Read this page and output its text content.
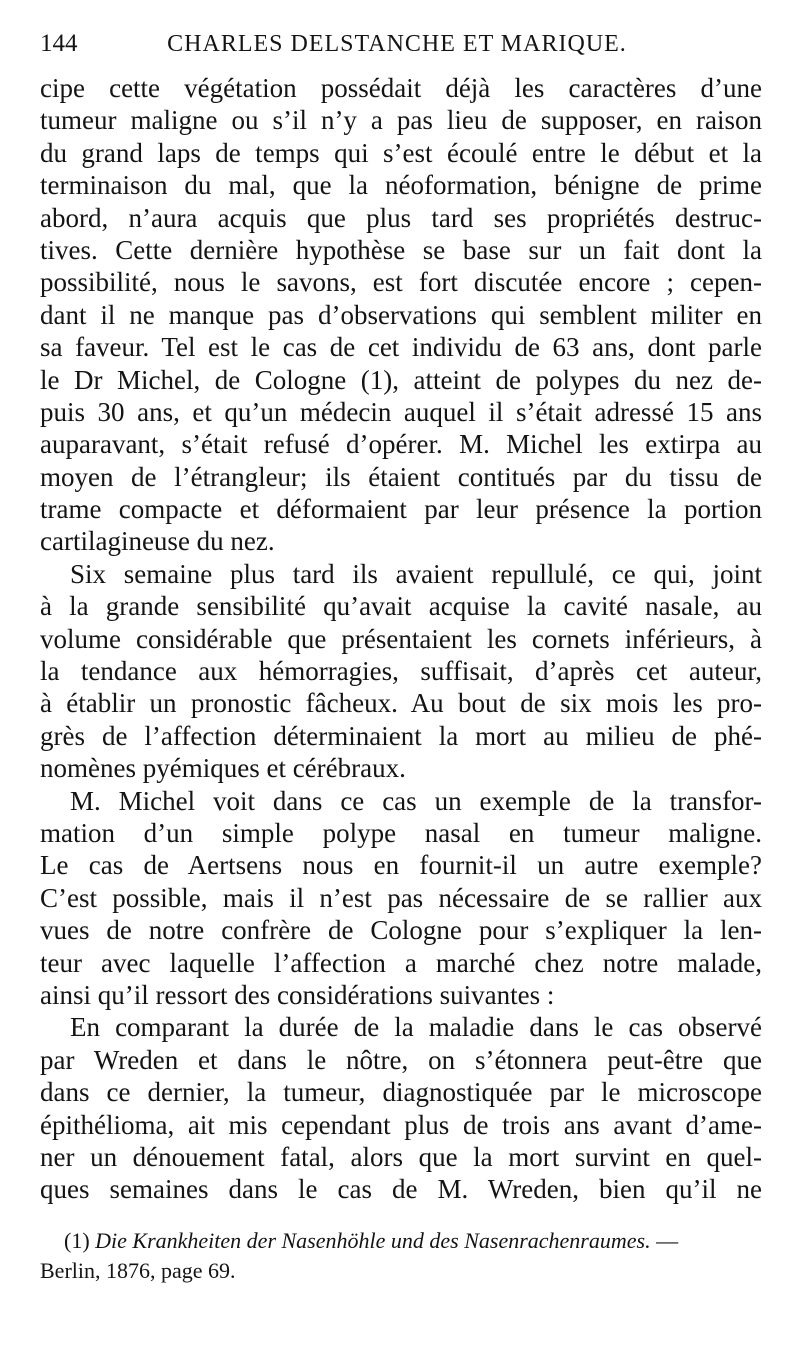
144	CHARLES DELSTANCHE ET MARIQUE.
cipe cette végétation possédait déjà les caractères d’une
tumeur maligne ou s’il n’y a pas lieu de supposer, en raison
du grand laps de temps qui s’est écoulé entre le début et la
terminaison du mal, que la néoformation, bénigne de prime
abord, n’aura acquis que plus tard ses propriétés destruc-
tives. Cette dernière hypothèse se base sur un fait dont la
possibilité, nous le savons, est fort discutée encore ; cepen-
dant il ne manque pas d’observations qui semblent militer en
sa faveur. Tel est le cas de cet individu de 63 ans, dont parle
le Dr Michel, de Cologne (1), atteint de polypes du nez de-
puis 30 ans, et qu’un médecin auquel il s’était adressé 15 ans
auparavant, s’était refusé d’opérer. M. Michel les extirpa au
moyen de l’étrangleur; ils étaient contitués par du tissu de
trame compacte et déformaient par leur présence la portion
cartilagineuse du nez.
Six semaine plus tard ils avaient repullulé, ce qui, joint
à la grande sensibilité qu’avait acquise la cavité nasale, au
volume considérable que présentaient les cornets inférieurs, à
la tendance aux hémorragies, suffisait, d’après cet auteur,
à établir un pronostic fâcheux. Au bout de six mois les pro-
grès de l’affection déterminaient la mort au milieu de phé-
nomènes pyémiques et cérébraux.
M. Michel voit dans ce cas un exemple de la transfor-
mation d’un simple polype nasal en tumeur maligne.
Le cas de Aertsens nous en fournit-il un autre exemple?
C’est possible, mais il n’est pas nécessaire de se rallier aux
vues de notre confrère de Cologne pour s’expliquer la len-
teur avec laquelle l’affection a marché chez notre malade,
ainsi qu’il ressort des considérations suivantes :
En comparant la durée de la maladie dans le cas observé
par Wreden et dans le nôtre, on s’étonnera peut-être que
dans ce dernier, la tumeur, diagnostiquée par le microscope
épithélioma, ait mis cependant plus de trois ans avant d’ame-
ner un dénouement fatal, alors que la mort survint en quel-
ques semaines dans le cas de M. Wreden, bien qu’il ne
(1) Die Krankheiten der Nasenhöhle und des Nasenrachenraumes. —
Berlin, 1876, page 69.
